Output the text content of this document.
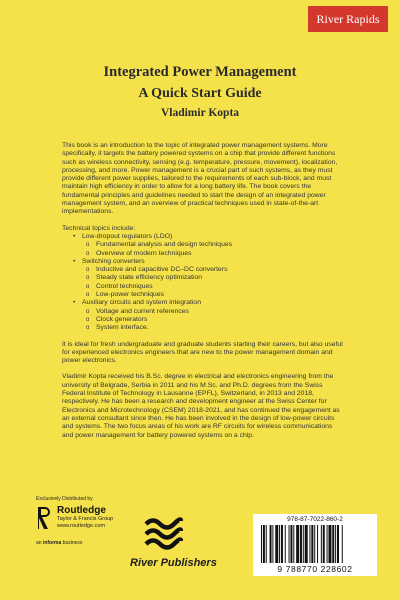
River Rapids
Integrated Power Management
A Quick Start Guide
Vladimir Kopta

This book is an introduction to the topic of integrated power management systems. More specifically, it targets the battery powered systems on a chip that provide different functions such as wireless connectivity, sensing (e.g. temperature, pressure, movement), localization, processing, and more. Power management is a crucial part of such systems, as they must provide different power supplies, tailored to the requirements of each sub-block, and must maintain high efficiency in order to allow for a long battery life. The book covers the fundamental principles and guidelines needed to start the design of an integrated power management system, and an overview of practical techniques used in state-of-the-art implementations.

Technical topics include:

• Low-dropout regulators (LDO)
o Fundamental analysis and design techniques
o Overview of modern techniques
• Switching converters
o Inductive and capacitive DC–DC converters
o Steady state efficiency optimization
o Control techniques
o Low-power techniques
• Auxiliary circuits and system integration
o Voltage and current references
o Clock generators
o System interface.

It is ideal for fresh undergraduate and graduate students starting their careers, but also useful for experienced electronics engineers that are new to the power management domain and power electronics.

Vladimir Kopta received his B.Sc. degree in electrical and electronics engineering from the university of Belgrade, Serbia in 2011 and his M.Sc. and Ph.D. degrees from the Swiss Federal Institute of Technology in Lausanne (EPFL), Switzerland, in 2013 and 2018, respectively. He has been a research and development engineer at the Swiss Center for Electronics and Microtechnology (CSEM) 2018-2021, and has continued the engagement as an external consultant since then. He has been involved in the design of low-power circuits and systems. The two focus areas of his work are RF circuits for wireless communications and power management for battery powered systems on a chip.

Exclusively Distributed by
Routledge
Taylor & Francis Group
www.routledge.com
an informa business
River Publishers
978-87-7022-860-2
9 788770 228602
